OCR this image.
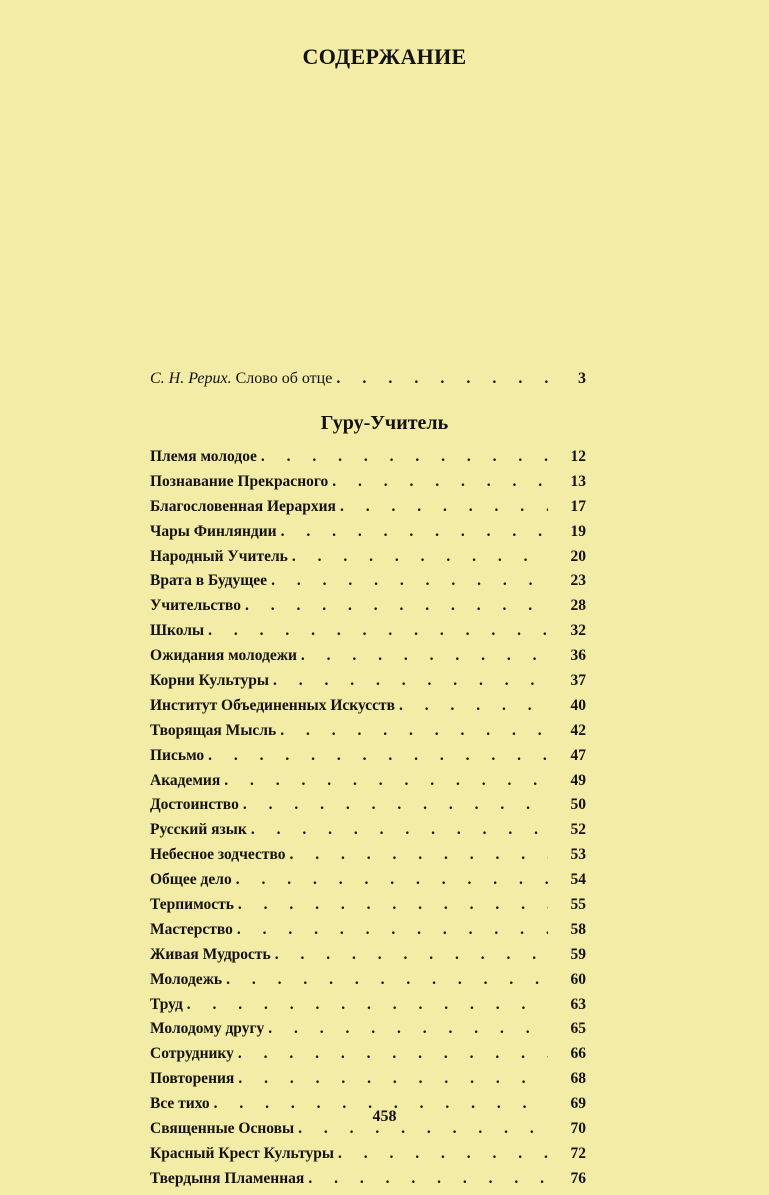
СОДЕРЖАНИЕ
С. Н. Рерих. Слово об отце . . .	3
Гуру-Учитель
Племя молодое . . .	12
Познавание Прекрасного . . .	13
Благословенная Иерархия . . .	17
Чары Финляндии . . .	19
Народный Учитель . . .	20
Врата в Будущее . . .	23
Учительство . . .	28
Школы . . .	32
Ожидания молодежи . . .	36
Корни Культуры . . .	37
Институт Объединенных Искусств . . .	40
Творящая Мысль . . .	42
Письмо . . .	47
Академия . . .	49
Достоинство . . .	50
Русский язык . . .	52
Небесное зодчество . . .	53
Общее дело . . .	54
Терпимость . . .	55
Мастерство . . .	58
Живая Мудрость . . .	59
Молодежь . . .	60
Труд . . .	63
Молодому другу . . .	65
Сотруднику . . .	66
Повторения . . .	68
Все тихо . . .	69
Священные Основы . . .	70
Красный Крест Культуры . . .	72
Твердыня Пламенная . . .	76
458
